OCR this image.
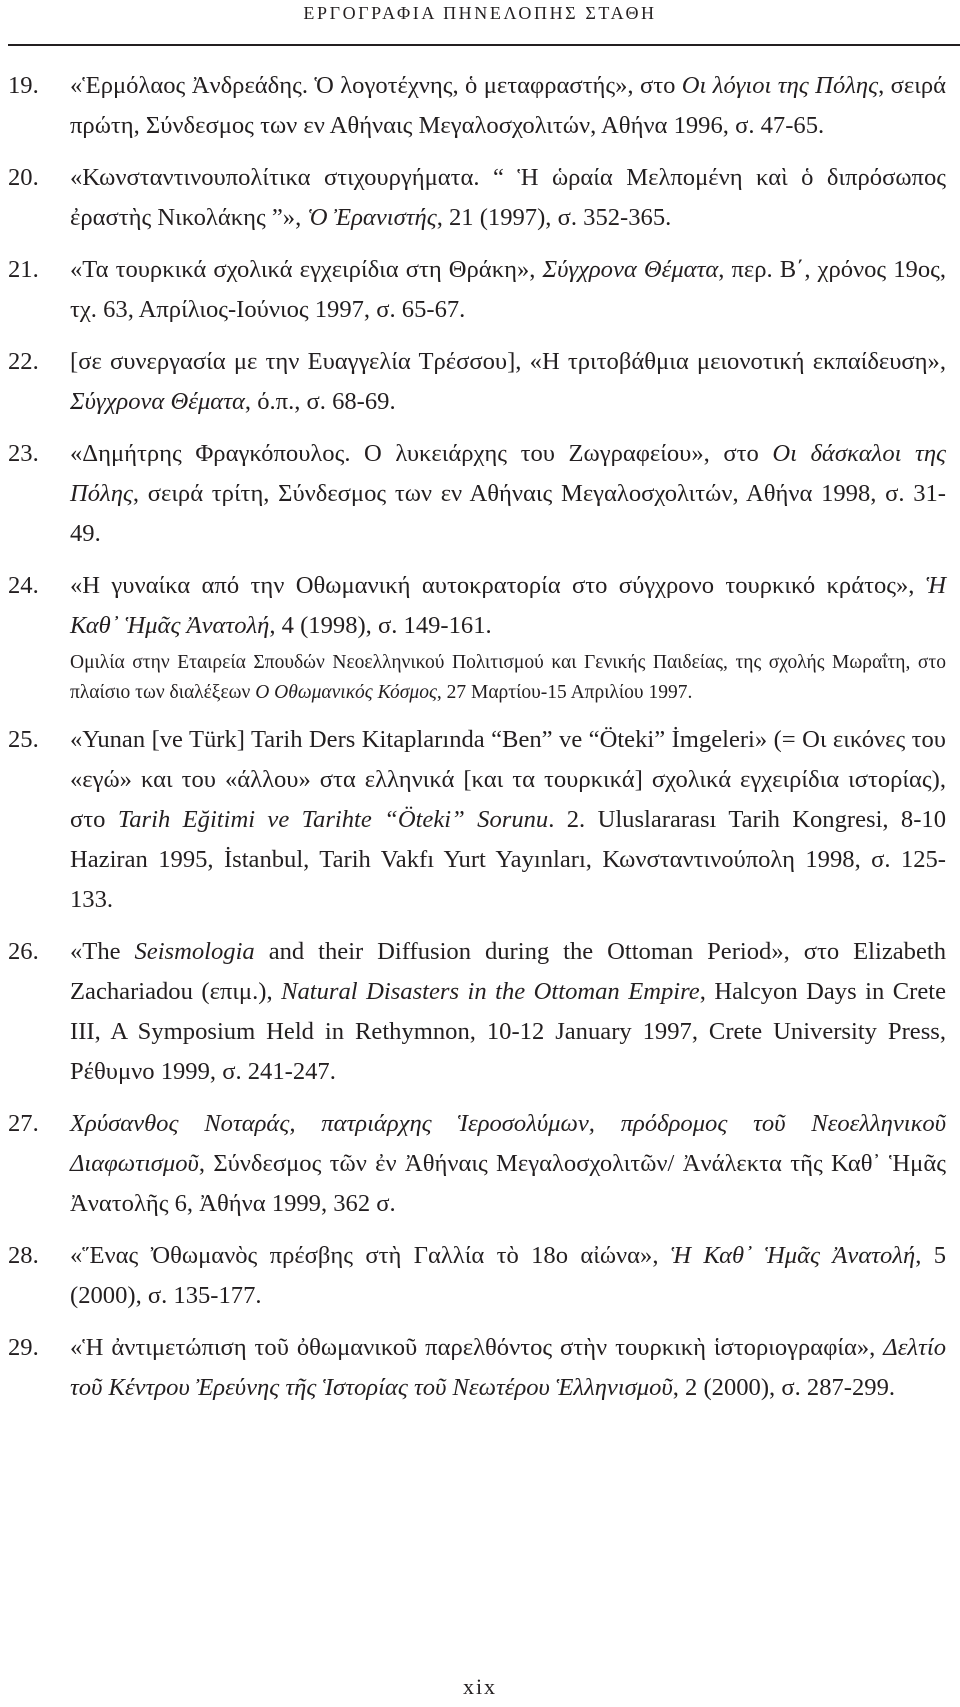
ΕΡΓΟΓΡΑΦΙΑ ΠΗΝΕΛΟΠΗΣ ΣΤΑΘΗ
19. «Ἑρμόλαος Ἀνδρεάδης. Ὁ λογοτέχνης, ὁ μεταφραστής», στο Οι λόγιοι της Πόλης, σειρά πρώτη, Σύνδεσμος των εν Αθήναις Μεγαλοσχολιτών, Αθήνα 1996, σ. 47-65.
20. «Κωνσταντινουπολίτικα στιχουργήματα. “ Ἡ ὡραία Μελπομένη καὶ ὁ διπρόσωπος ἐραστὴς Νικολάκης ”», Ὁ Ἐρανιστής, 21 (1997), σ. 352-365.
21. «Τα τουρκικά σχολικά εγχειρίδια στη Θράκη», Σύγχρονα Θέματα, περ. Β΄, χρόνος 19ος, τχ. 63, Απρίλιος-Ιούνιος 1997, σ. 65-67.
22. [σε συνεργασία με την Ευαγγελία Τρέσσου], «Η τριτοβάθμια μειονοτική εκπαίδευση», Σύγχρονα Θέματα, ό.π., σ. 68-69.
23. «Δημήτρης Φραγκόπουλος. Ο λυκειάρχης του Ζωγραφείου», στο Οι δάσκαλοι της Πόλης, σειρά τρίτη, Σύνδεσμος των εν Αθήναις Μεγαλοσχολιτών, Αθήνα 1998, σ. 31-49.
24. «Η γυναίκα από την Οθωμανική αυτοκρατορία στο σύγχρονο τουρκικό κράτος», Ἡ Καθ᾽ Ἡμᾶς Ἀνατολή, 4 (1998), σ. 149-161.
Ομιλία στην Εταιρεία Σπουδών Νεοελληνικού Πολιτισμού και Γενικής Παιδείας, της σχολής Μωραΐτη, στο πλαίσιο των διαλέξεων Ο Οθωμανικός Κόσμος, 27 Μαρτίου-15 Απριλίου 1997.
25. «Yunan [ve Türk] Tarih Ders Kitaplarında “Ben” ve “Öteki” İmgeleri» (= Οι εικόνες του «εγώ» και του «άλλου» στα ελληνικά [και τα τουρκικά] σχολικά εγχειρίδια ιστορίας), στο Tarih Eğitimi ve Tarihte “Öteki” Sorunu. 2. Uluslararası Tarih Kongresi, 8-10 Haziran 1995, İstanbul, Tarih Vakfı Yurt Yayınları, Κωνσταντινούπολη 1998, σ. 125-133.
26. «The Seismologia and their Diffusion during the Ottoman Period», στο Elizabeth Zachariadou (επιμ.), Natural Disasters in the Ottoman Empire, Halcyon Days in Crete III, A Symposium Held in Rethymnon, 10-12 January 1997, Crete University Press, Ρέθυμνο 1999, σ. 241-247.
27. Χρύσανθος Νοταράς, πατριάρχης Ἱεροσολύμων, πρόδρομος τοῦ Νεοελληνικοῦ Διαφωτισμοῦ, Σύνδεσμος τῶν ἐν Ἀθήναις Μεγαλοσχολιτῶν/ Ἀνάλεκτα τῆς Καθ᾽ Ἡμᾶς Ἀνατολῆς 6, Ἀθήνα 1999, 362 σ.
28. «Ἕνας Ὀθωμανὸς πρέσβης στὴ Γαλλία τὸ 18ο αἰώνα», Ἡ Καθ᾽ Ἡμᾶς Ἀνατολή, 5 (2000), σ. 135-177.
29. «Ἡ ἀντιμετώπιση τοῦ ὀθωμανικοῦ παρελθόντος στὴν τουρκικὴ ἱστοριογραφία», Δελτίο τοῦ Κέντρου Ἐρεύνης τῆς Ἱστορίας τοῦ Νεωτέρου Ἑλληνισμοῦ, 2 (2000), σ. 287-299.
xix
